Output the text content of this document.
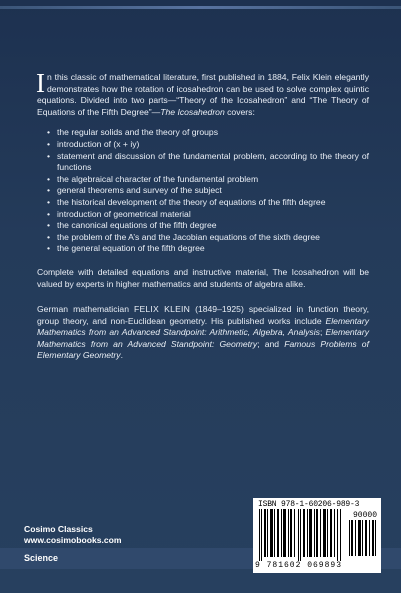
In this classic of mathematical literature, first published in 1884, Felix Klein elegantly demonstrates how the rotation of icosahedron can be used to solve complex quintic equations. Divided into two parts—“Theory of the Icosahedron” and “The Theory of Equations of the Fifth Degree”—The Icosahedron covers:

• the regular solids and the theory of groups
• introduction of (x + iy)
• statement and discussion of the fundamental problem, according to the theory of functions
• the algebraical character of the fundamental problem
• general theorems and survey of the subject
• the historical development of the theory of equations of the fifth degree
• introduction of geometrical material
• the canonical equations of the fifth degree
• the problem of the A’s and the Jacobian equations of the sixth degree
• the general equation of the fifth degree

Complete with detailed equations and instructive material, The Icosahedron will be valued by experts in higher mathematics and students of algebra alike.

German mathematician FELIX KLEIN (1849–1925) specialized in function theory, group theory, and non-Euclidean geometry. His published works include Elementary Mathematics from an Advanced Standpoint: Arithmetic, Algebra, Analysis; Elementary Mathematics from an Advanced Standpoint: Geometry; and Famous Problems of Elementary Geometry.

Cosimo Classics
www.cosimobooks.com
Science
ISBN 978-1-60206-989-3
90000
9 781602 069893
